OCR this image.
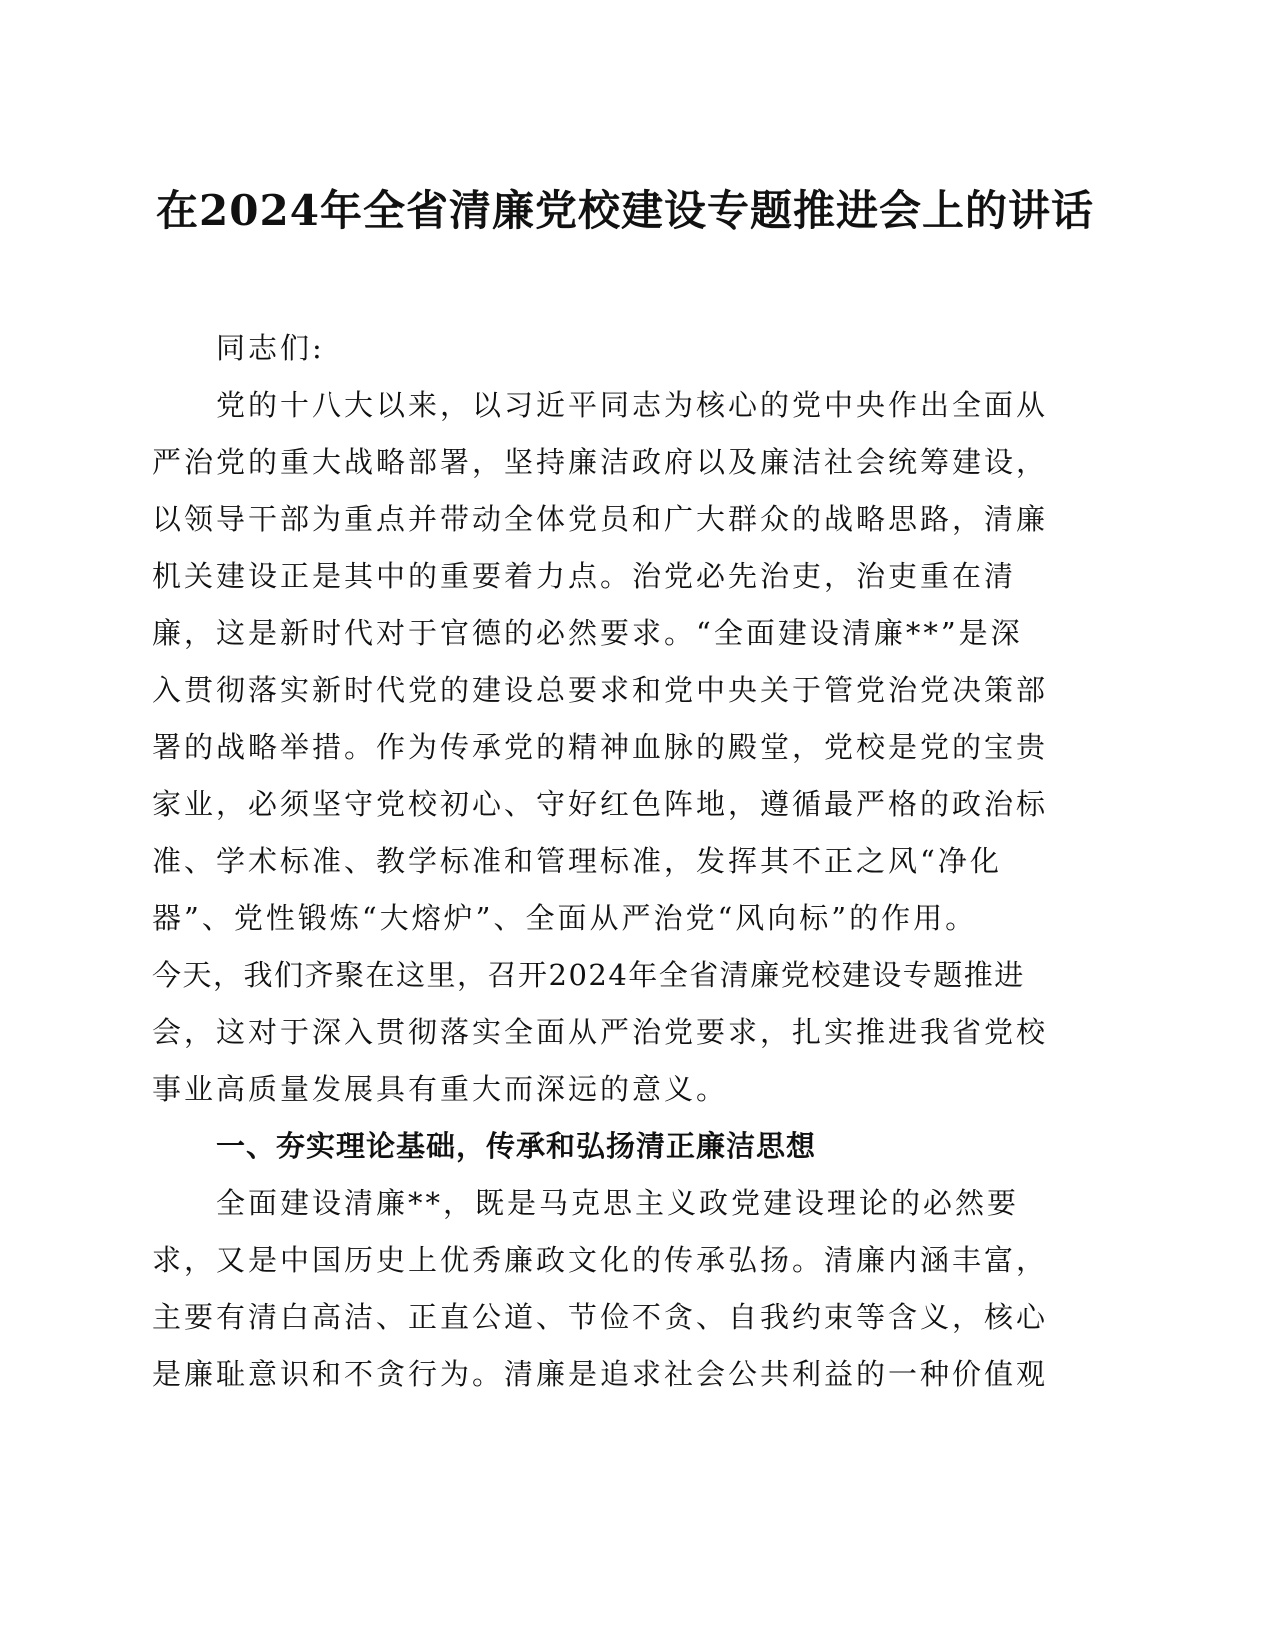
在2024年全省清廉党校建设专题推进会上的讲话
同志们:
党的十八大以来，以习近平同志为核心的党中央作出全面从
严治党的重大战略部署，坚持廉洁政府以及廉洁社会统筹建设，
以领导干部为重点并带动全体党员和广大群众的战略思路，清廉
机关建设正是其中的重要着力点。治党必先治吏，治吏重在清
廉，这是新时代对于官德的必然要求。“全面建设清廉**”是深
入贯彻落实新时代党的建设总要求和党中央关于管党治党决策部
署的战略举措。作为传承党的精神血脉的殿堂，党校是党的宝贵
家业，必须坚守党校初心、守好红色阵地，遵循最严格的政治标
准、学术标准、教学标准和管理标准，发挥其不正之风“净化
器”、党性锻炼“大熔炉”、全面从严治党“风向标”的作用。
今天，我们齐聚在这里，召开2024年全省清廉党校建设专题推进
会，这对于深入贯彻落实全面从严治党要求，扎实推进我省党校
事业高质量发展具有重大而深远的意义。
一、夯实理论基础，传承和弘扬清正廉洁思想
全面建设清廉**，既是马克思主义政党建设理论的必然要
求，又是中国历史上优秀廉政文化的传承弘扬。清廉内涵丰富，
主要有清白高洁、正直公道、节俭不贪、自我约束等含义，核心
是廉耻意识和不贪行为。清廉是追求社会公共利益的一种价值观
